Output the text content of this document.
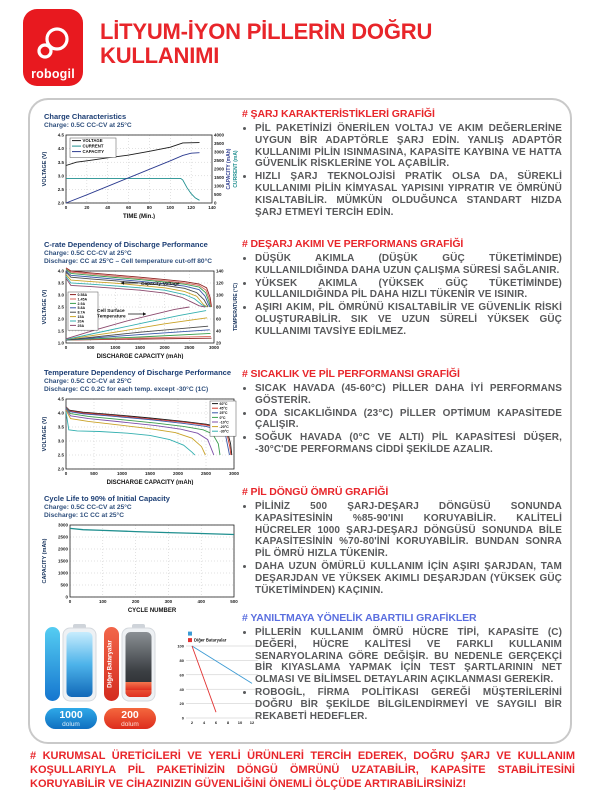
robogil
LİTYUM-İYON PİLLERİN DOĞRU
KULLANIMI
Charge Characteristics
Charge: 0.5C CC-CV at 25°C
0	20	40	60	80	100	120	140
2.0
2.5
3.0
3.5
4.0
4.5
0
500
1000
1500
2000
2500
3000
3500
4000
TIME (Min.)
VOLTAGE (V)	CAPACITY (mAh) CURRENT (mA)
VOLTAGE
CURRENT
CAPACITY
C-rate Dependency of Discharge Performance
Charge: 0.5C CC-CV at 25°C
Discharge: CC at 25°C – Cell temperature cut-off 80°C
0	500	1000	1500	2000	2500	3000
1.0
1.5
2.0
2.5
3.0
3.5
4.0
20
40
60
80
100
120
140
DISCHARGE CAPACITY (mAh)
VOLTAGE (V)	TEMPERATURE (°C)
0.58A
1.45A
2.9A
5.8A
8.7A
15A
20A
25A
Capacity-Voltage
Cell Surface
Temperature
Temperature Dependency of Discharge Performance
Charge: 0.5C CC-CV at 25°C
Discharge: CC 0.2C for each temp. except -30°C (1C)
0	500	1000	1500	2000	2500	3000
2.0
2.5
3.0
3.5
4.0
4.5
DISCHARGE CAPACITY (mAh)
VOLTAGE (V)
60°C
45°C
25°C
0°C
-10°C
-20°C
-30°C
Cycle Life to 90% of Initial Capacity
Charge: 0.5C CC-CV at 25°C
Discharge: 1C CC at 25°C
0	100	200	300	400	500
0
500
1000
1500
2000
2500
3000
CYCLE NUMBER
CAPACITY (mAh)
Diğer Bataryalar
1000
dolum
200
dolum	2 4 6 8 10 12
0
20
40
60
80
100
Diğer Bataryalar
# ŞARJ KARAKTERİSTİKLERİ GRAFİĞİ
• PİL PAKETİNİZİ ÖNERİLEN VOLTAJ VE AKIM DEĞERLERİNE UYGUN BİR ADAPTÖRLE ŞARJ EDİN. YANLIŞ ADAPTÖR KULLANIMI PİLİN ISINMASINA, KAPASİTE KAYBINA VE HATTA GÜVENLİK RİSKLERİNE YOL AÇABİLİR.
• HIZLI ŞARJ TEKNOLOJİSİ PRATİK OLSA DA, SÜREKLİ KULLANIMI PİLİN KİMYASAL YAPISINI YIPRATIR VE ÖMRÜNÜ KISALTABİLİR. MÜMKÜN OLDUĞUNCA STANDART HIZDA ŞARJ ETMEYİ TERCİH EDİN.
# DEŞARJ AKIMI VE PERFORMANS GRAFİĞİ
• DÜŞÜK AKIMLA (DÜŞÜK GÜÇ TÜKETİMİNDE) KULLANILDIĞINDA DAHA UZUN ÇALIŞMA SÜRESİ SAĞLANIR.
• YÜKSEK AKIMLA (YÜKSEK GÜÇ TÜKETİMİNDE) KULLANILDIĞINDA PİL DAHA HIZLI TÜKENİR VE ISINIR.
• AŞIRI AKIM, PİL ÖMRÜNÜ KISALTABİLİR VE GÜVENLİK RİSKİ OLUŞTURABİLİR. SIK VE UZUN SÜRELİ YÜKSEK GÜÇ KULLANIMI TAVSİYE EDİLMEZ.
# SICAKLIK VE PİL PERFORMANSI GRAFİĞİ
• SICAK HAVADA (45-60°C) PİLLER DAHA İYİ PERFORMANS GÖSTERİR.
• ODA SICAKLIĞINDA (23°C) PİLLER OPTİMUM KAPASİTEDE ÇALIŞIR.
• SOĞUK HAVADA (0°C VE ALTI) PİL KAPASİTESİ DÜŞER, -30°C'DE PERFORMANS CİDDİ ŞEKİLDE AZALIR.
# PİL DÖNGÜ ÖMRÜ GRAFİĞİ
• PİLİNİZ 500 ŞARJ-DEŞARJ DÖNGÜSÜ SONUNDA KAPASİTESİNİN %85-90'INI KORUYABİLİR. KALİTELİ HÜCRELER 1000 ŞARJ-DEŞARJ DÖNGÜSÜ SONUNDA BİLE KAPASİTESİNİN %70-80'İNİ KORUYABİLİR. BUNDAN SONRA PİL ÖMRÜ HIZLA TÜKENİR.
• DAHA UZUN ÖMÜRLÜ KULLANIM İÇİN AŞIRI ŞARJDAN, TAM DEŞARJDAN VE YÜKSEK AKIMLI DEŞARJDAN (YÜKSEK GÜÇ TÜKETİMİNDEN) KAÇININ.
# YANILTMAYA YÖNELİK ABARTILI GRAFİKLER
• PİLLERİN KULLANIM ÖMRÜ HÜCRE TİPİ, KAPASİTE (C) DEĞERİ, HÜCRE KALİTESİ VE FARKLI KULLANIM SENARYOLARINA GÖRE DEĞİŞİR. BU NEDENLE GERÇEKÇİ BİR KIYASLAMA YAPMAK İÇİN TEST ŞARTLARININ NET OLMASI VE BİLİMSEL DETAYLARIN AÇIKLANMASI GEREKİR.
• ROBOGİL, FİRMA POLİTİKASI GEREĞİ MÜŞTERİLERİNİ DOĞRU BİR ŞEKİLDE BİLGİLENDİRMEYİ VE SAYGILI BİR REKABETİ HEDEFLER.
# KURUMSAL ÜRETİCİLERİ VE YERLİ ÜRÜNLERİ TERCİH EDEREK, DOĞRU ŞARJ VE KULLANIM KOŞULLARIYLA PİL PAKETİNİZİN DÖNGÜ ÖMRÜNÜ UZATABİLİR, KAPASİTE STABİLİTESİNİ KORUYABİLİR VE CİHAZINIZIN GÜVENLİĞİNİ ÖNEMLİ ÖLÇÜDE ARTIRABİLİRSİNİZ!
